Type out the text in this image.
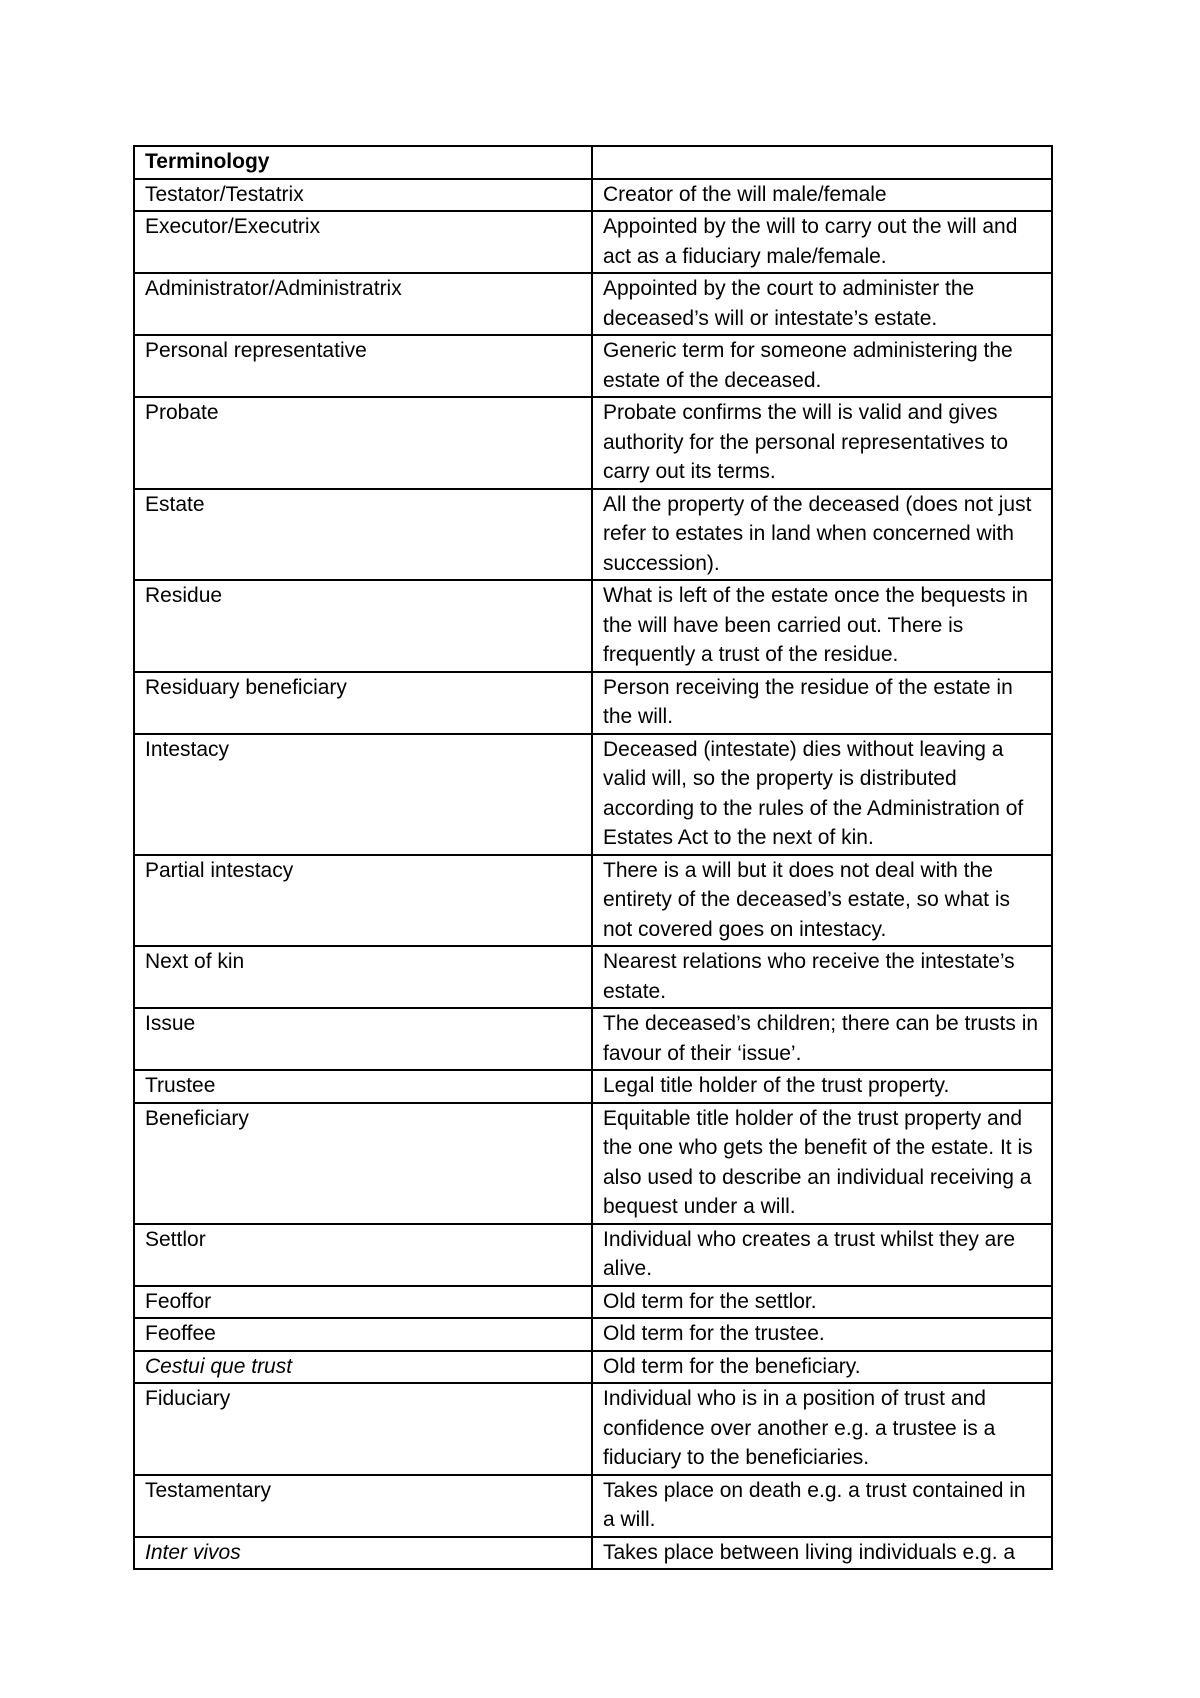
Terminology	
Testator/Testatrix	Creator of the will male/female
Executor/Executrix	Appointed by the will to carry out the will and act as a fiduciary male/female.
Administrator/Administratrix	Appointed by the court to administer the deceased’s will or intestate’s estate.
Personal representative	Generic term for someone administering the estate of the deceased.
Probate	Probate confirms the will is valid and gives authority for the personal representatives to carry out its terms.
Estate	All the property of the deceased (does not just refer to estates in land when concerned with succession).
Residue	What is left of the estate once the bequests in the will have been carried out. There is frequently a trust of the residue.
Residuary beneficiary	Person receiving the residue of the estate in the will.
Intestacy	Deceased (intestate) dies without leaving a valid will, so the property is distributed according to the rules of the Administration of Estates Act to the next of kin.
Partial intestacy	There is a will but it does not deal with the entirety of the deceased’s estate, so what is not covered goes on intestacy.
Next of kin	Nearest relations who receive the intestate’s estate.
Issue	The deceased’s children; there can be trusts in favour of their ‘issue’.
Trustee	Legal title holder of the trust property.
Beneficiary	Equitable title holder of the trust property and the one who gets the benefit of the estate. It is also used to describe an individual receiving a bequest under a will.
Settlor	Individual who creates a trust whilst they are alive.
Feoffor	Old term for the settlor.
Feoffee	Old term for the trustee.
Cestui que trust	Old term for the beneficiary.
Fiduciary	Individual who is in a position of trust and confidence over another e.g. a trustee is a fiduciary to the beneficiaries.
Testamentary	Takes place on death e.g. a trust contained in a will.
Inter vivos	Takes place between living individuals e.g. a
